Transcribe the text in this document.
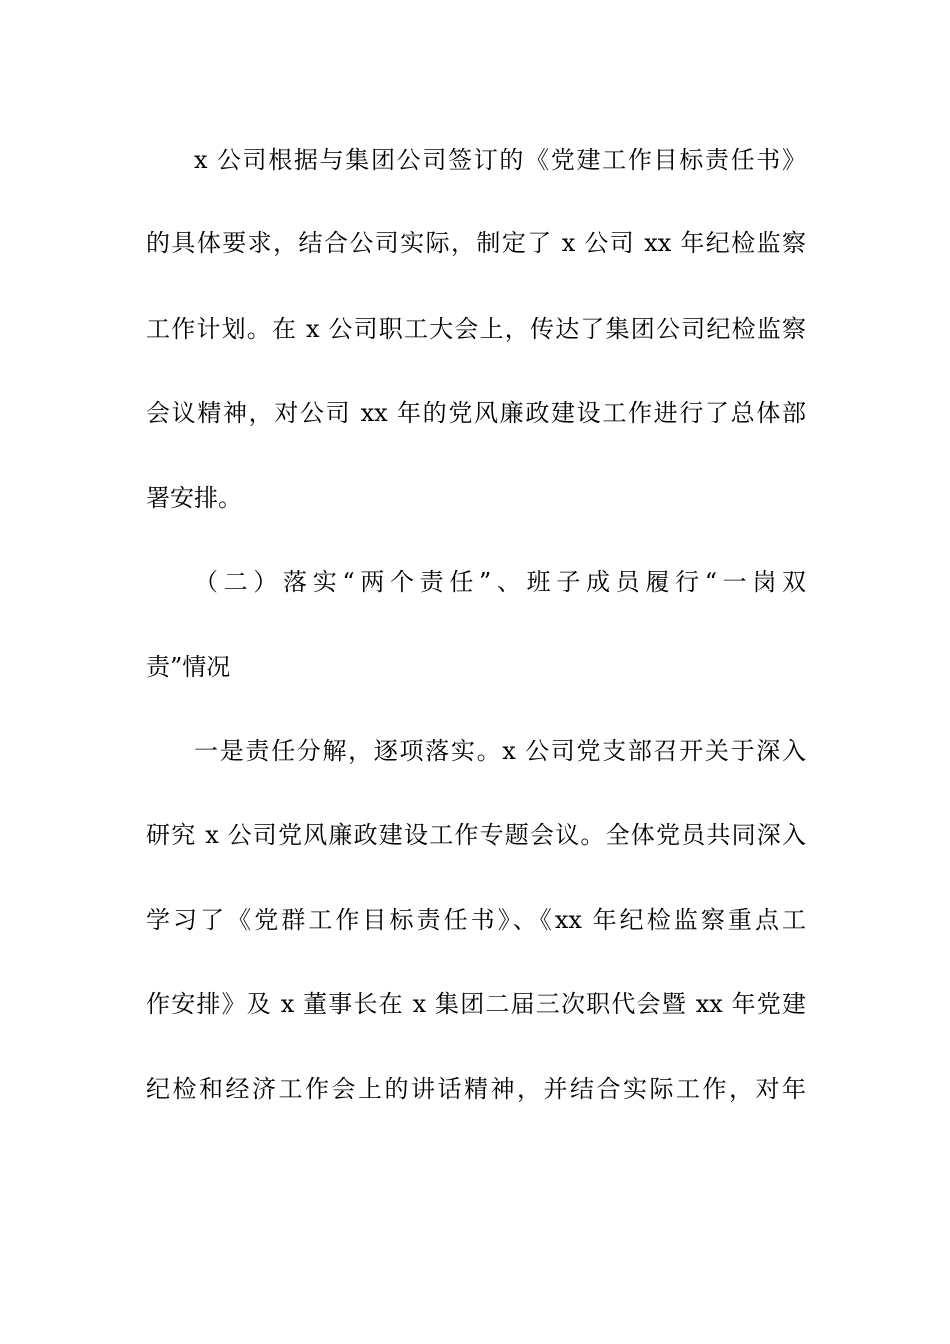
x 公司根据与集团公司签订的《党建工作目标责任书》
的具体要求，结合公司实际，制定了 x 公司 xx 年纪检监察
工作计划。在 x 公司职工大会上，传达了集团公司纪检监察
会议精神，对公司 xx 年的党风廉政建设工作进行了总体部
署安排。
（二）落实“两个责任”、班子成员履行“一岗双
责”情况
一是责任分解，逐项落实。x 公司党支部召开关于深入
研究 x 公司党风廉政建设工作专题会议。全体党员共同深入
学习了《党群工作目标责任书》、《xx 年纪检监察重点工
作安排》及 x 董事长在 x 集团二届三次职代会暨 xx 年党建
纪检和经济工作会上的讲话精神，并结合实际工作，对年
